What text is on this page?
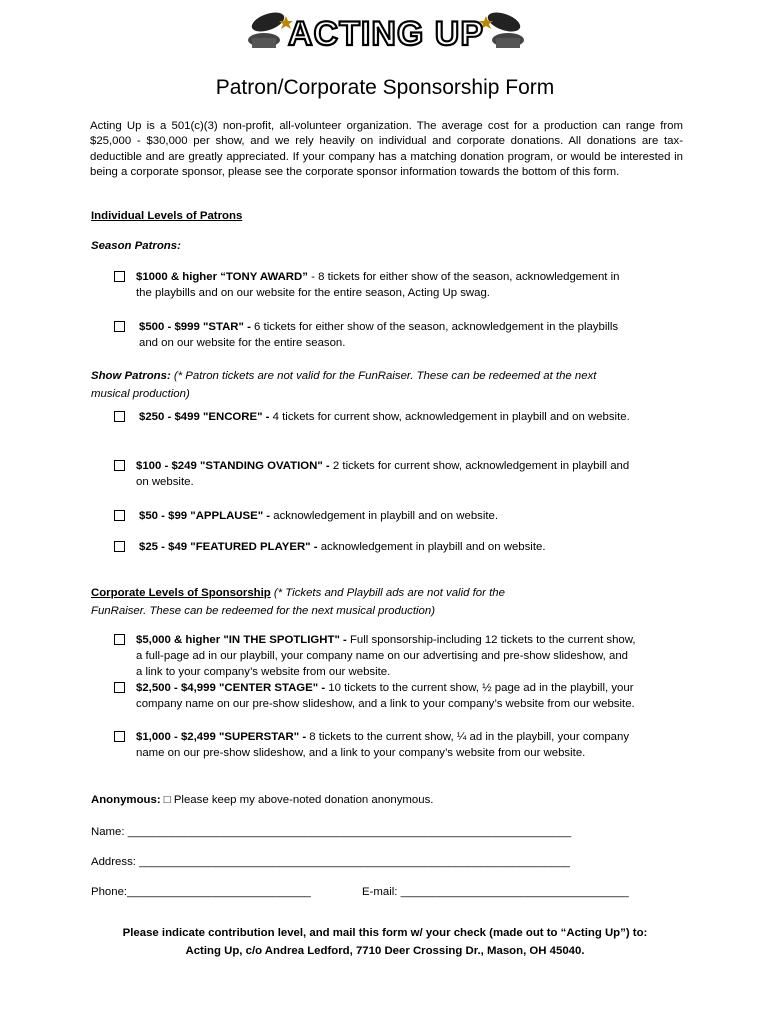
ACTING UP
Patron/Corporate Sponsorship Form
Acting Up is a 501(c)(3) non-profit, all-volunteer organization. The average cost for a production can range from $25,000 - $30,000 per show, and we rely heavily on individual and corporate donations. All donations are tax-deductible and are greatly appreciated. If your company has a matching donation program, or would be interested in being a corporate sponsor, please see the corporate sponsor information towards the bottom of this form.
Individual Levels of Patrons
Season Patrons:
$1000 & higher “TONY AWARD” - 8 tickets for either show of the season, acknowledgement in the playbills and on our website for the entire season, Acting Up swag.
$500 - $999 "STAR" - 6 tickets for either show of the season, acknowledgement in the playbills and on our website for the entire season.
Show Patrons: (* Patron tickets are not valid for the FunRaiser. These can be redeemed at the next musical production)
$250 - $499 "ENCORE" - 4 tickets for current show, acknowledgement in playbill and on website.
$100 - $249 "STANDING OVATION" - 2 tickets for current show, acknowledgement in playbill and on website.
$50 - $99 "APPLAUSE" - acknowledgement in playbill and on website.
$25 - $49 "FEATURED PLAYER" - acknowledgement in playbill and on website.
Corporate Levels of Sponsorship (* Tickets and Playbill ads are not valid for the FunRaiser. These can be redeemed for the next musical production)
$5,000 & higher "IN THE SPOTLIGHT" - Full sponsorship-including 12 tickets to the current show, a full-page ad in our playbill, your company name on our advertising and pre-show slideshow, and a link to your company’s website from our website.
$2,500 - $4,999 "CENTER STAGE" - 10 tickets to the current show, ½ page ad in the playbill, your company name on our pre-show slideshow, and a link to your company’s website from our website.
$1,000 - $2,499 "SUPERSTAR" - 8 tickets to the current show, ¼ ad in the playbill, your company name on our pre-show slideshow, and a link to your company’s website from our website.
Anonymous: □ Please keep my above-noted donation anonymous.
Name: ______________________________________________________________________
Address: ____________________________________________________________________
Phone:_____________________________	E-mail: ____________________________________
Please indicate contribution level, and mail this form w/ your check (made out to “Acting Up”) to:
Acting Up, c/o Andrea Ledford, 7710 Deer Crossing Dr., Mason, OH 45040.
